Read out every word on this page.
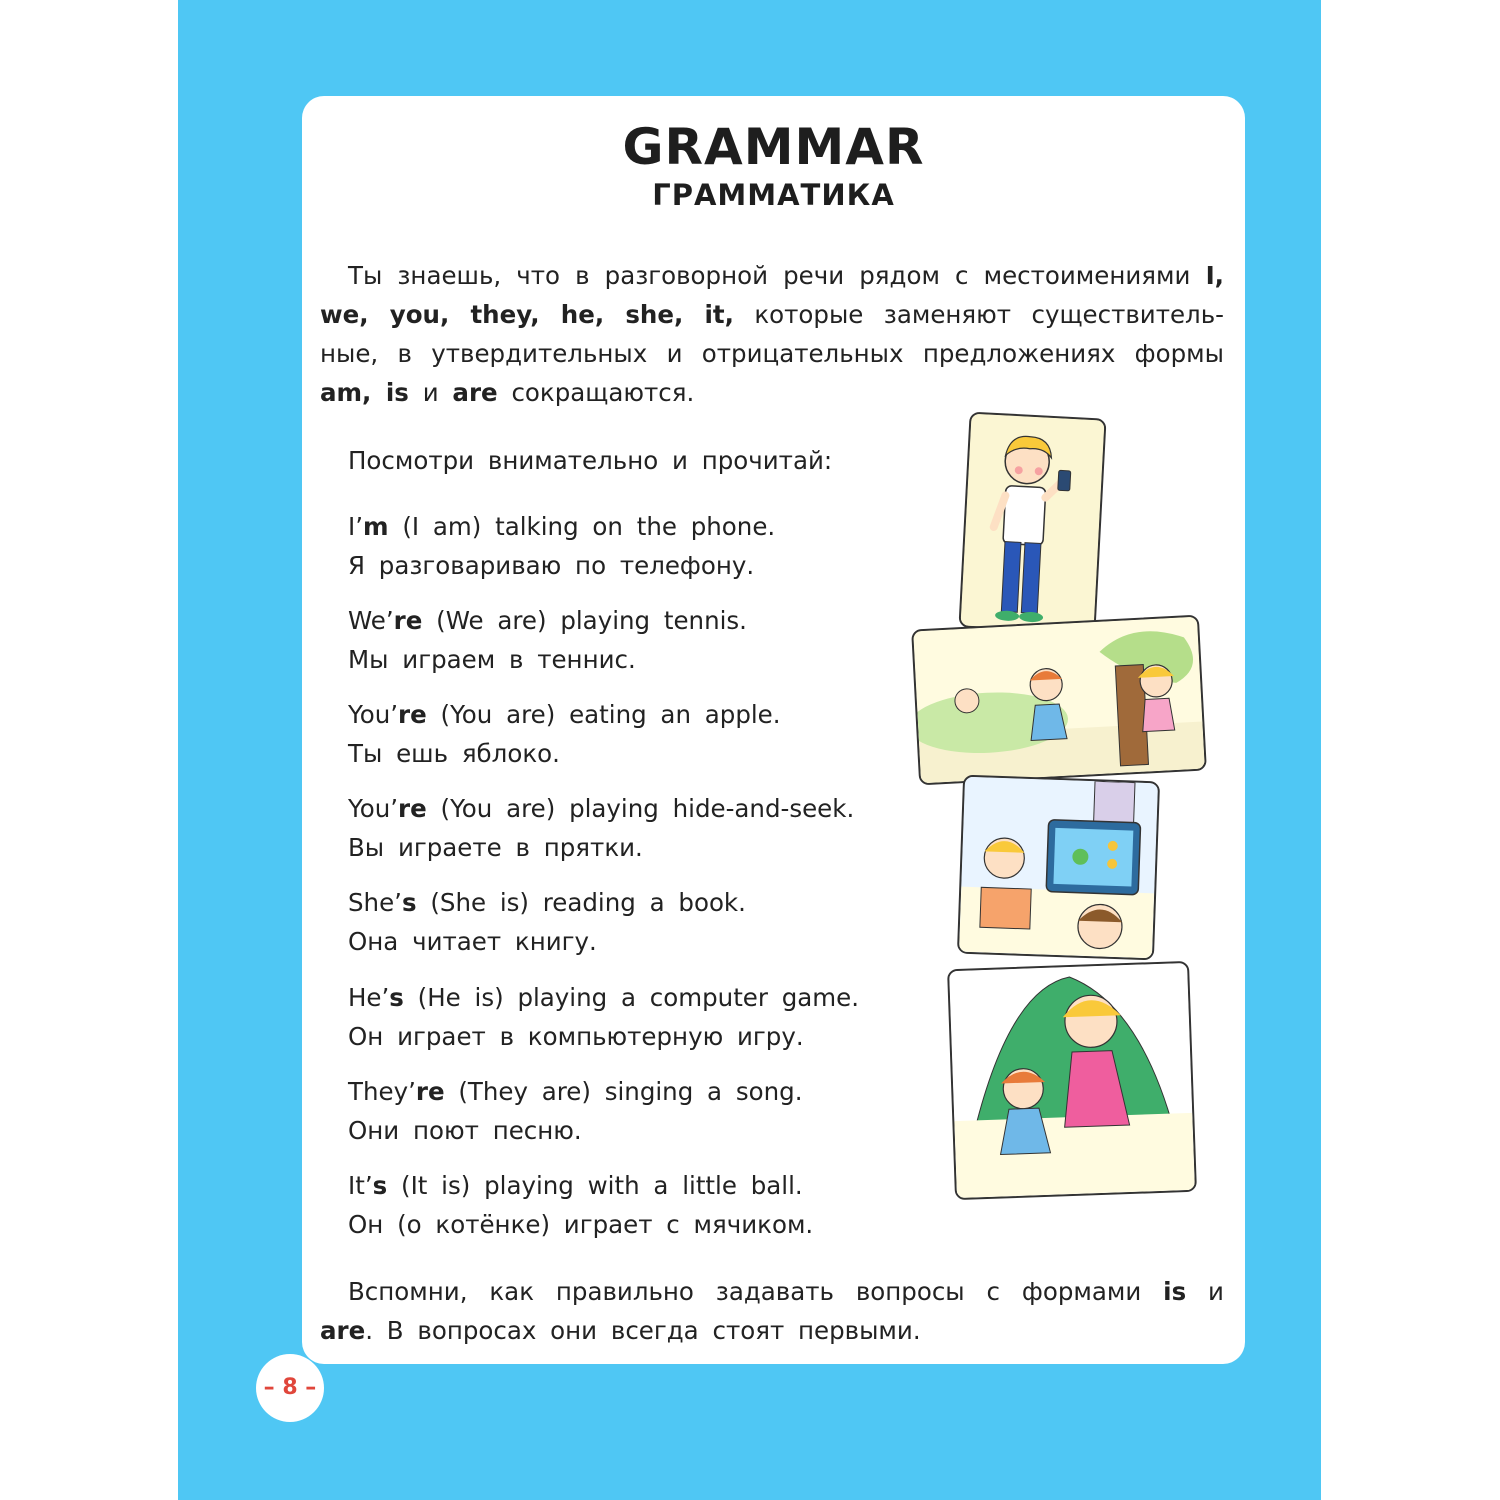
GRAMMAR
ГРАММАТИКА

Ты знаешь, что в разговорной речи рядом с местоимениями I, we, you, they, he, she, it, которые заменяют существитель-ные, в утвердительных и отрицательных предложениях формы am, is и are сокращаются.

Посмотри внимательно и прочитай:

I’m (I am) talking on the phone.
Я разговариваю по телефону.
We’re (We are) playing tennis.
Мы играем в теннис.
You’re (You are) eating an apple.
Ты ешь яблоко.
You’re (You are) playing hide-and-seek.
Вы играете в прятки.
She’s (She is) reading a book.
Она читает книгу.
He’s (He is) playing a computer game.
Он играет в компьютерную игру.
They’re (They are) singing a song.
Они поют песню.
It’s (It is) playing with a little ball.
Он (о котёнке) играет с мячиком.

Вспомни, как правильно задавать вопросы с формами is и are. В вопросах они всегда стоят первыми.

– 8 –
